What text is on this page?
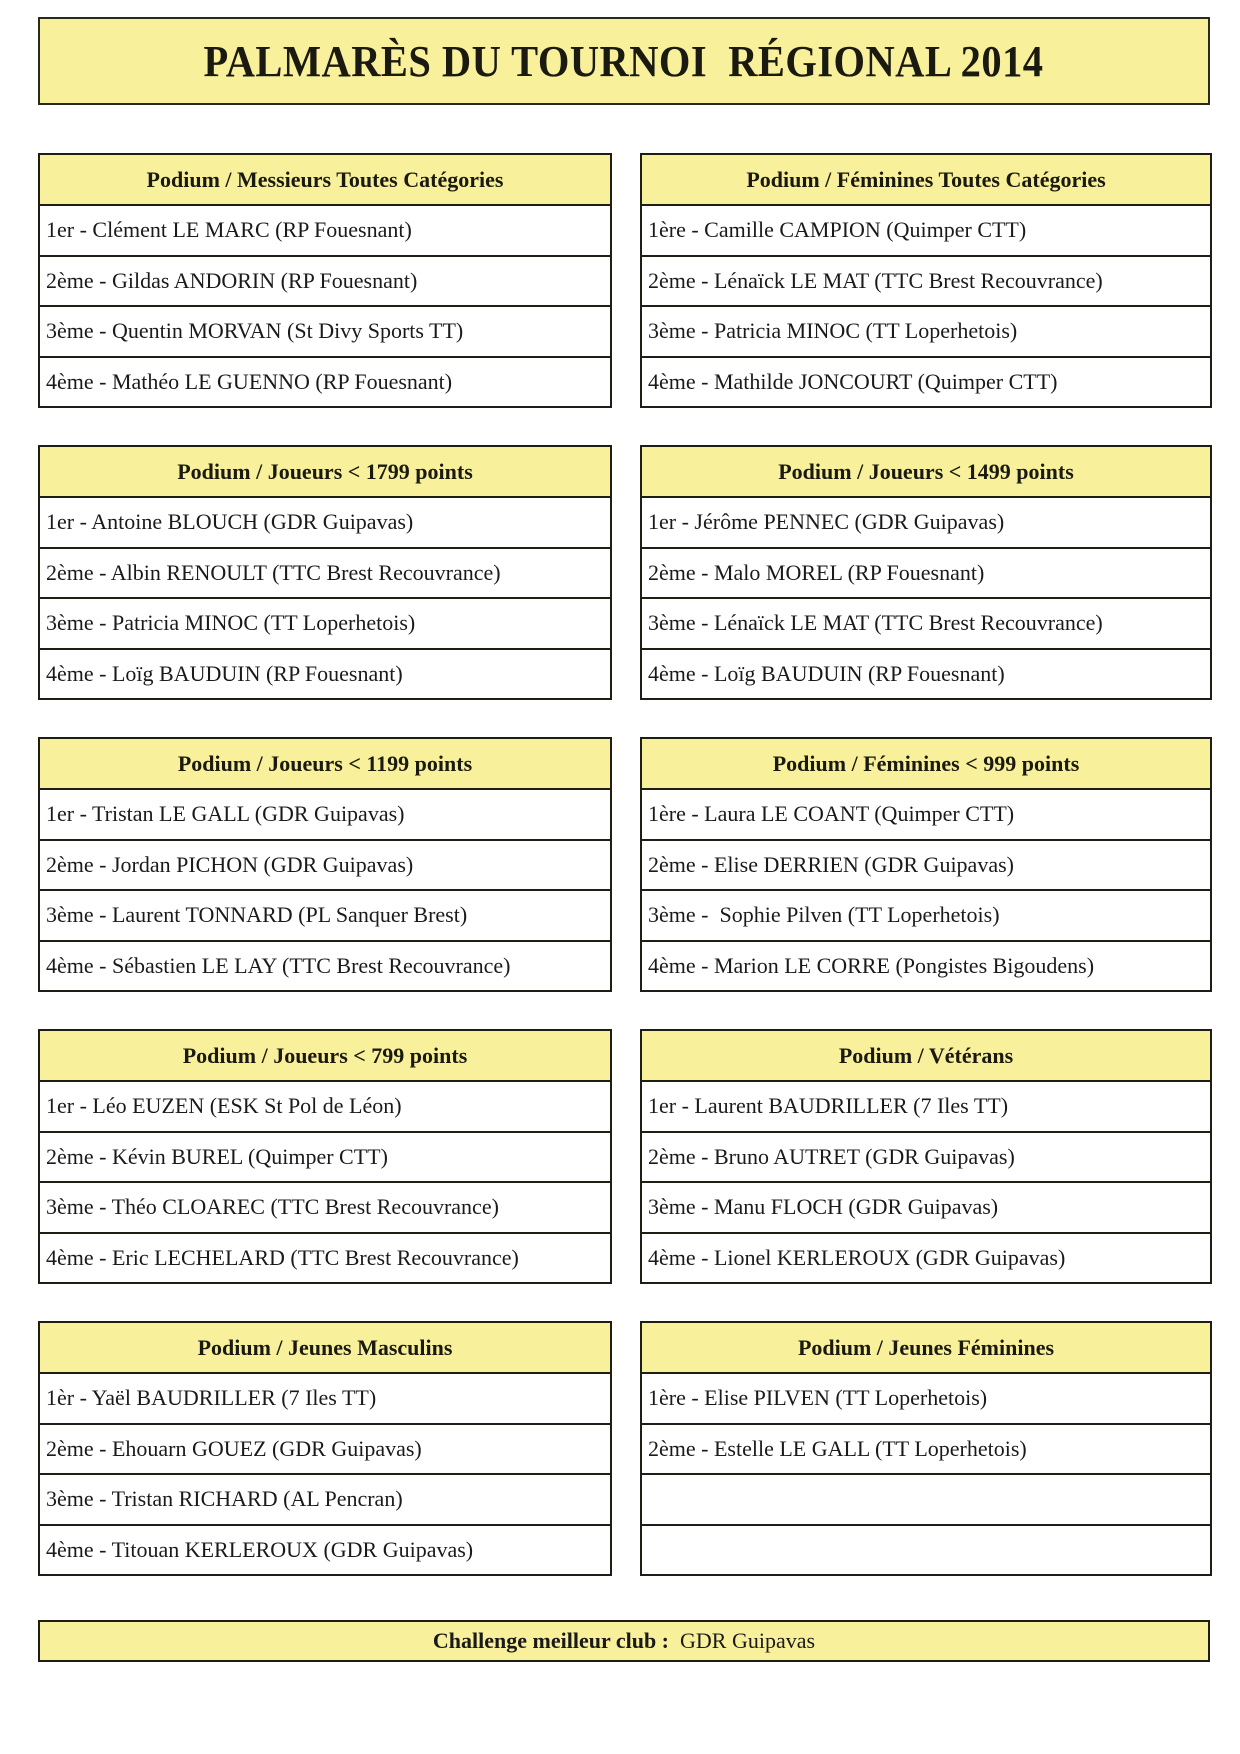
PALMARÈS DU TOURNOI  RÉGIONAL 2014
Podium / Messieurs Toutes Catégories
1er - Clément LE MARC (RP Fouesnant)
2ème - Gildas ANDORIN (RP Fouesnant)
3ème - Quentin MORVAN (St Divy Sports TT)
4ème - Mathéo LE GUENNO (RP Fouesnant)
Podium / Féminines Toutes Catégories
1ère - Camille CAMPION (Quimper CTT)
2ème - Lénaïck LE MAT (TTC Brest Recouvrance)
3ème - Patricia MINOC (TT Loperhetois)
4ème - Mathilde JONCOURT (Quimper CTT)
Podium / Joueurs < 1799 points
1er - Antoine BLOUCH (GDR Guipavas)
2ème - Albin RENOULT (TTC Brest Recouvrance)
3ème - Patricia MINOC (TT Loperhetois)
4ème - Loïg BAUDUIN (RP Fouesnant)
Podium / Joueurs < 1499 points
1er - Jérôme PENNEC (GDR Guipavas)
2ème - Malo MOREL (RP Fouesnant)
3ème - Lénaïck LE MAT (TTC Brest Recouvrance)
4ème - Loïg BAUDUIN (RP Fouesnant)
Podium / Joueurs < 1199 points
1er - Tristan LE GALL (GDR Guipavas)
2ème - Jordan PICHON (GDR Guipavas)
3ème - Laurent TONNARD (PL Sanquer Brest)
4ème - Sébastien LE LAY (TTC Brest Recouvrance)
Podium / Féminines < 999 points
1ère - Laura LE COANT (Quimper CTT)
2ème - Elise DERRIEN (GDR Guipavas)
3ème -  Sophie Pilven (TT Loperhetois)
4ème - Marion LE CORRE (Pongistes Bigoudens)
Podium / Joueurs < 799 points
1er - Léo EUZEN (ESK St Pol de Léon)
2ème - Kévin BUREL (Quimper CTT)
3ème - Théo CLOAREC (TTC Brest Recouvrance)
4ème - Eric LECHELARD (TTC Brest Recouvrance)
Podium / Vétérans
1er - Laurent BAUDRILLER (7 Iles TT)
2ème - Bruno AUTRET (GDR Guipavas)
3ème - Manu FLOCH (GDR Guipavas)
4ème - Lionel KERLEROUX (GDR Guipavas)
Podium / Jeunes Masculins
1èr - Yaël BAUDRILLER (7 Iles TT)
2ème - Ehouarn GOUEZ (GDR Guipavas)
3ème - Tristan RICHARD (AL Pencran)
4ème - Titouan KERLEROUX (GDR Guipavas)
Podium / Jeunes Féminines
1ère - Elise PILVEN (TT Loperhetois)
2ème - Estelle LE GALL (TT Loperhetois)
Challenge meilleur club : GDR Guipavas
